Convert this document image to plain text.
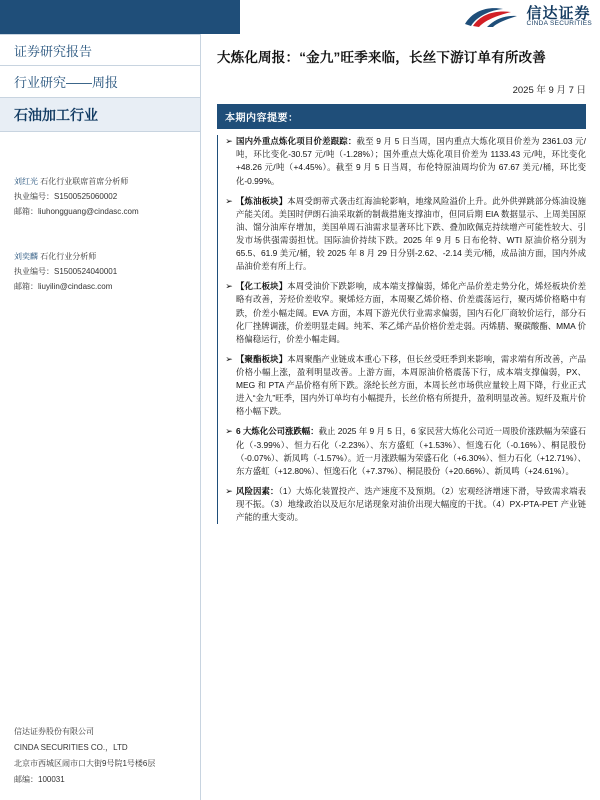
信达证券
CINDA SECURITIES
证券研究报告
行业研究——周报
石油加工行业
刘红光 石化行业联席首席分析师
执业编号：S1500525060002
邮箱：liuhongguang@cindasc.com
刘奕麟 石化行业分析师
执业编号：S1500524040001
邮箱：liuyilin@cindasc.com
信达证券股份有限公司
CINDA SECURITIES CO.，LTD
北京市西城区闹市口大街9号院1号楼6层
邮编：100031
大炼化周报：“金九”旺季来临，长丝下游订单有所改善
2025 年 9 月 7 日
本期内容提要：
➢ 国内外重点炼化项目价差跟踪：截至 9 月 5 日当周，国内重点大炼化项目价差为 2361.03 元/吨，环比变化-30.57 元/吨（-1.28%）；国外重点大炼化项目价差为 1133.43 元/吨，环比变化+48.26 元/吨（+4.45%）。截至 9 月 5 日当周，布伦特原油周均价为 67.67 美元/桶，环比变化-0.99%。
➢ 【炼油板块】本周受朗蒂式袭击红海油轮影响，地缘风险溢价上升。此外供弹跳部分炼油设施产能关闭。美国时伊朗石油采取新的制裁措施支撑油市，但同后期 EIA 数据显示、上周美国原油、馏分油库存增加，美国单周石油需求显著环比下跌、叠加欧佩克持续增产可能性较大、引发市场供强需弱担忧。国际油价持续下跌。2025 年 9 月 5 日布伦特、WTI 原油价格分别为 65.5、61.9 美元/桶，较 2025 年 8 月 29 日分别-2.62、-2.14 美元/桶，成品油方面，国内外成品油价差有所上行。
➢ 【化工板块】本周受油价下跌影响，成本端支撑偏弱，烯化产品价差走势分化，烯烃板块价差略有改善，芳烃价差收窄。聚烯烃方面，本周聚乙烯价格、价差震荡运行，聚丙烯价格略中有跌，价差小幅走阔。EVA 方面，本周下游光伏行业需求偏弱，国内石化厂商较价运行，部分石化厂挫牌调涨，价差明显走阔。纯苯、苯乙烯产品价格价差走弱。丙烯腈、聚碳酸酯、MMA 价格偏稳运行，价差小幅走阔。
➢ 【聚酯板块】本周聚酯产业链成本重心下移，但长丝受旺季到来影响，需求端有所改善，产品价格小幅上涨，盈利明显改善。上游方面，本周原油价格震荡下行，成本端支撑偏弱，PX、MEG 和 PTA 产品价格有所下跌。涤纶长丝方面，本周长丝市场供应量较上周下降，行业正式进入“金九”旺季，国内外订单均有小幅提升，长丝价格有所提升，盈利明显改善。短纤及瓶片价格小幅下跌。
➢ 6 大炼化公司涨跌幅：截止 2025 年 9 月 5 日，6 家民营大炼化公司近一周股价涨跌幅为荣盛石化（-3.99%）、恒力石化（-2.23%）、东方盛虹（+1.53%）、恒逸石化（-0.16%）、桐昆股份（-0.07%）、新凤鸣（-1.57%）。近一月涨跌幅为荣盛石化（+6.30%）、恒力石化（+12.71%）、东方盛虹（+12.80%）、恒逸石化（+7.37%）、桐昆股份（+20.66%）、新凤鸣（+24.61%）。
➢ 风险因素：（1）大炼化装置投产、迭产速度不及预期。（2）宏观经济增速下滑，导致需求端表现不振。（3）地缘政治以及厄尔尼诺现象对油价出现大幅度的干扰。（4）PX-PTA-PET 产业链产能的重大变动。
